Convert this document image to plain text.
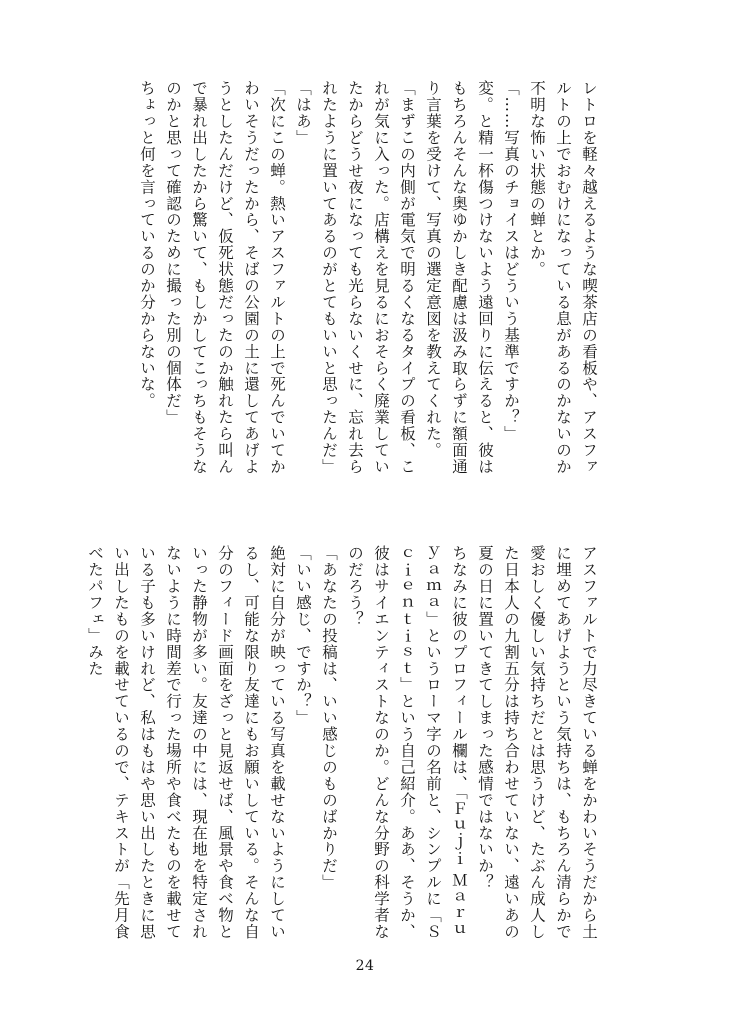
レトロを軽々越えるような喫茶店の看板や、アスファルトの上でおむけになっている息があるのかないのか不明な怖い状態の蝉とか。

「……写真のチョイスはどういう基準ですか？」

変。と精一杯傷つけないよう遠回りに伝えると、彼はもちろんそんな奥ゆかしき配慮は汲み取らずに額面通り言葉を受けて、写真の選定意図を教えてくれた。

「まずこの内側が電気で明るくなるタイプの看板、これが気に入った。店構えを見るにおそらく廃業していたからどうせ夜になっても光らないくせに、忘れ去られたように置いてあるのがとてもいいと思ったんだ」

「はあ」

「次にこの蝉。熱いアスファルトの上で死んでいてかわいそうだったから、そばの公園の土に還してあげようとしたんだけど、仮死状態だったのか触れたら叫んで暴れ出したから驚いて、もしかしてこっちもそうなのかと思って確認のために撮った別の個体だ」

ちょっと何を言っているのか分からないな。

アスファルトで力尽きている蝉をかわいそうだから土に埋めてあげようという気持ちは、もちろん清らかで愛おしく優しい気持ちだとは思うけど、たぶん成人した日本人の九割五分は持ち合わせていない、遠いあの夏の日に置いてきてしまった感情ではないか？

ちなみに彼のプロフィール欄は、「Ｆｕｊｉ Ｍａｒｕｙａｍａ」というローマ字の名前と、シンプルに「Ｓｃｉｅｎｔｉｓｔ」という自己紹介。ああ、そうか、彼はサイエンティストなのか。どんな分野の科学者なのだろう？

「あなたの投稿は、いい感じのものばかりだ」

「いい感じ、ですか？」

絶対に自分が映っている写真を載せないようにしているし、可能な限り友達にもお願いしている。そんな自分のフィード画面をざっと見返せば、風景や食べ物といった静物が多い。友達の中には、現在地を特定されないように時間差で行った場所や食べたものを載せている子も多いけれど、私はもはや思い出したときに思い出したものを載せているので、テキストが「先月食べたパフェ」みた

24
